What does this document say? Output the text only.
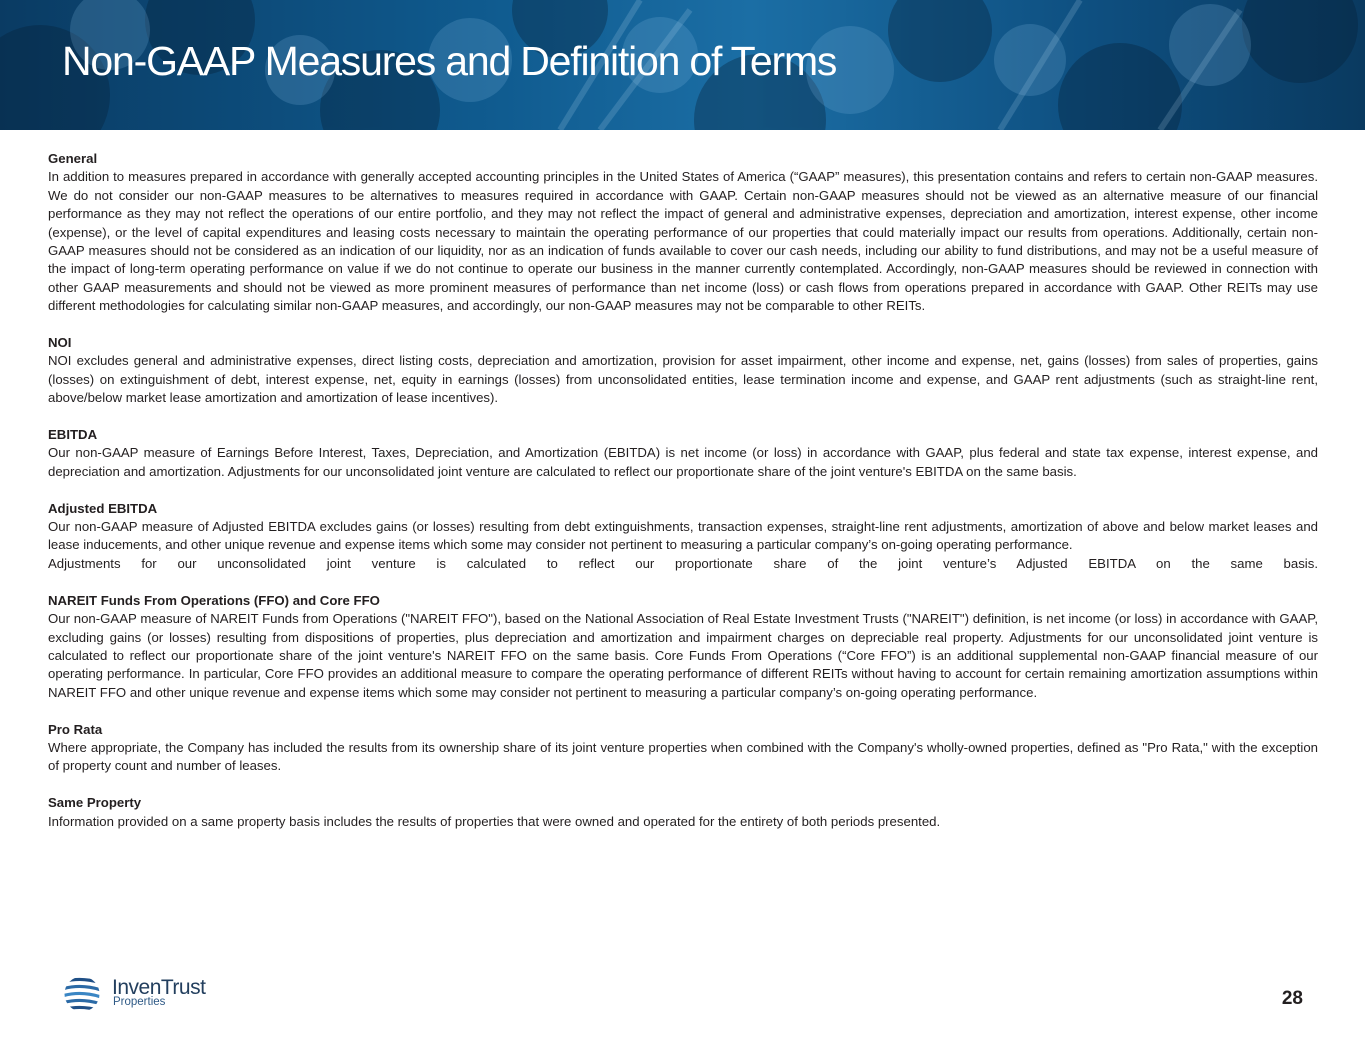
Non-GAAP Measures and Definition of Terms

General

In addition to measures prepared in accordance with generally accepted accounting principles in the United States of America (“GAAP” measures), this presentation contains and refers to certain non-GAAP measures. We do not consider our non-GAAP measures to be alternatives to measures required in accordance with GAAP. Certain non-GAAP measures should not be viewed as an alternative measure of our financial performance as they may not reflect the operations of our entire portfolio, and they may not reflect the impact of general and administrative expenses, depreciation and amortization, interest expense, other income (expense), or the level of capital expenditures and leasing costs necessary to maintain the operating performance of our properties that could materially impact our results from operations. Additionally, certain non-GAAP measures should not be considered as an indication of our liquidity, nor as an indication of funds available to cover our cash needs, including our ability to fund distributions, and may not be a useful measure of the impact of long-term operating performance on value if we do not continue to operate our business in the manner currently contemplated. Accordingly, non-GAAP measures should be reviewed in connection with other GAAP measurements and should not be viewed as more prominent measures of performance than net income (loss) or cash flows from operations prepared in accordance with GAAP. Other REITs may use different methodologies for calculating similar non-GAAP measures, and accordingly, our non-GAAP measures may not be comparable to other REITs.

NOI

NOI excludes general and administrative expenses, direct listing costs, depreciation and amortization, provision for asset impairment, other income and expense, net, gains (losses) from sales of properties, gains (losses) on extinguishment of debt, interest expense, net, equity in earnings (losses) from unconsolidated entities, lease termination income and expense, and GAAP rent adjustments (such as straight-line rent, above/below market lease amortization and amortization of lease incentives).

EBITDA

Our non-GAAP measure of Earnings Before Interest, Taxes, Depreciation, and Amortization (EBITDA) is net income (or loss) in accordance with GAAP, plus federal and state tax expense, interest expense, and depreciation and amortization. Adjustments for our unconsolidated joint venture are calculated to reflect our proportionate share of the joint venture's EBITDA on the same basis.

Adjusted EBITDA

Our non-GAAP measure of Adjusted EBITDA excludes gains (or losses) resulting from debt extinguishments, transaction expenses, straight-line rent adjustments, amortization of above and below market leases and lease inducements, and other unique revenue and expense items which some may consider not pertinent to measuring a particular company’s on-going operating performance.

Adjustments for our unconsolidated joint venture is calculated to reflect our proportionate share of the joint venture’s Adjusted EBITDA on the same basis.

NAREIT Funds From Operations (FFO) and Core FFO

Our non-GAAP measure of NAREIT Funds from Operations ("NAREIT FFO"), based on the National Association of Real Estate Investment Trusts ("NAREIT") definition, is net income (or loss) in accordance with GAAP, excluding gains (or losses) resulting from dispositions of properties, plus depreciation and amortization and impairment charges on depreciable real property. Adjustments for our unconsolidated joint venture is calculated to reflect our proportionate share of the joint venture's NAREIT FFO on the same basis. Core Funds From Operations (“Core FFO”) is an additional supplemental non-GAAP financial measure of our operating performance. In particular, Core FFO provides an additional measure to compare the operating performance of different REITs without having to account for certain remaining amortization assumptions within NAREIT FFO and other unique revenue and expense items which some may consider not pertinent to measuring a particular company’s on-going operating performance.

Pro Rata

Where appropriate, the Company has included the results from its ownership share of its joint venture properties when combined with the Company's wholly-owned properties, defined as "Pro Rata," with the exception of property count and number of leases.

Same Property

Information provided on a same property basis includes the results of properties that were owned and operated for the entirety of both periods presented.

InvenTrust
Properties	28
